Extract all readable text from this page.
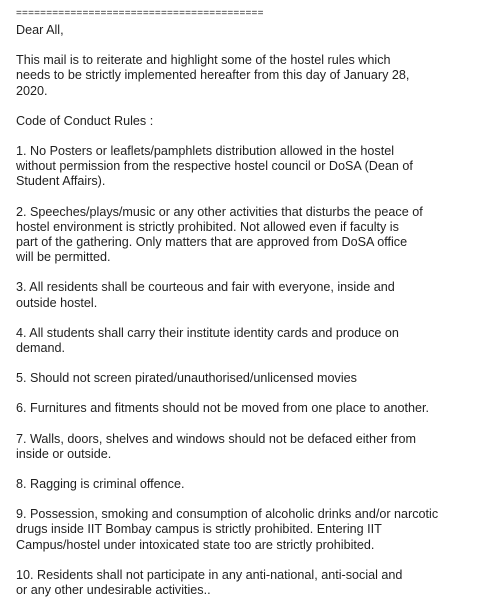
=========================================
Dear All,
This mail is to reiterate and highlight some of the hostel rules which
needs to be strictly implemented hereafter from this day of January 28,
2020.
Code of Conduct Rules :
1. No Posters or leaflets/pamphlets distribution allowed in the hostel
without permission from the respective hostel council or DoSA (Dean of
Student Affairs).
2. Speeches/plays/music or any other activities that disturbs the peace of
hostel environment is strictly prohibited. Not allowed even if faculty is
part of the gathering. Only matters that are approved from DoSA office
will be permitted.
3. All residents shall be courteous and fair with everyone, inside and
outside hostel.
4. All students shall carry their institute identity cards and produce on
demand.
5. Should not screen pirated/unauthorised/unlicensed movies
6. Furnitures and fitments should not be moved from one place to another.
7. Walls, doors, shelves and windows should not be defaced either from
inside or outside.
8. Ragging is criminal offence.
9. Possession, smoking and consumption of alcoholic drinks and/or narcotic
drugs inside IIT Bombay campus is strictly prohibited. Entering IIT
Campus/hostel under intoxicated state too are strictly prohibited.
10. Residents shall not participate in any anti-national, anti-social and
or any other undesirable activities..
